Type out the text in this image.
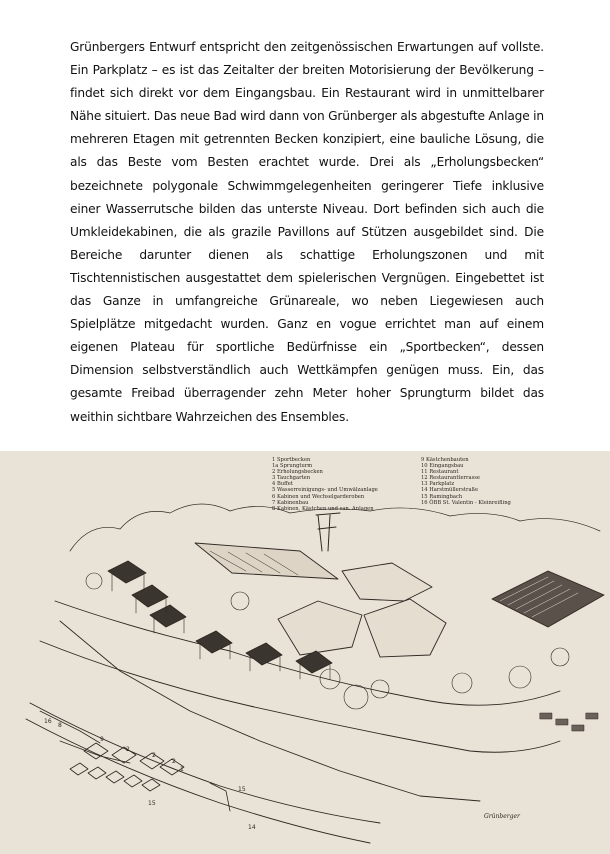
Grünbergers Entwurf entspricht den zeitgenössischen Erwartungen auf vollste. Ein Parkplatz – es ist das Zeitalter der breiten Motorisierung der Bevölkerung – findet sich direkt vor dem Eingangsbau. Ein Restaurant wird in unmittelbarer Nähe situiert. Das neue Bad wird dann von Grünberger als abgestufte Anlage in mehreren Etagen mit getrennten Becken konzipiert, eine bauliche Lösung, die als das Beste vom Besten erachtet wurde. Drei als „Erholungsbecken“ bezeichnete polygonale Schwimmgelegenheiten geringerer Tiefe inklusive einer Wasserrutsche bilden das unterste Niveau. Dort befinden sich auch die Umkleidekabinen, die als grazile Pavillons auf Stützen ausgebildet sind. Die Bereiche darunter dienen als schattige Erholungszonen und mit Tischtennistischen ausgestattet dem spielerischen Vergnügen. Eingebettet ist das Ganze in umfangreiche Grünareale, wo neben Liegewiesen auch Spielplätze mitgedacht wurden. Ganz en vogue errichtet man auf einem eigenen Plateau für sportliche Bedürfnisse ein „Sportbecken“, dessen Dimension selbstverständlich auch Wettkämpfen genügen muss. Ein, das gesamte Freibad überragender zehn Meter hoher Sprungturm bildet das weithin sichtbare Wahrzeichen des Ensembles.

16
8
9
2
2
2
15
14
15
1
1 Sportbecken
1a Sprungturm
2 Erholungsbecken
3 Tauchgarten
4 Buffet
5 Wasserreinigungs- und Umwälzanlage
6 Kabinen und Wechselgarderoben
7 Kabinenbau
8 Kabinen, Kästchen und san. Anlagen
9 Kästchenbauten
10 Eingangsbau
11 Restaurant
12 Restaurantterrasse
13 Parkplatz
14 Harstmüllerstraße
15 Ramingbach
16 ÖBB St. Valentin - Kleinreifling
Grünberger
